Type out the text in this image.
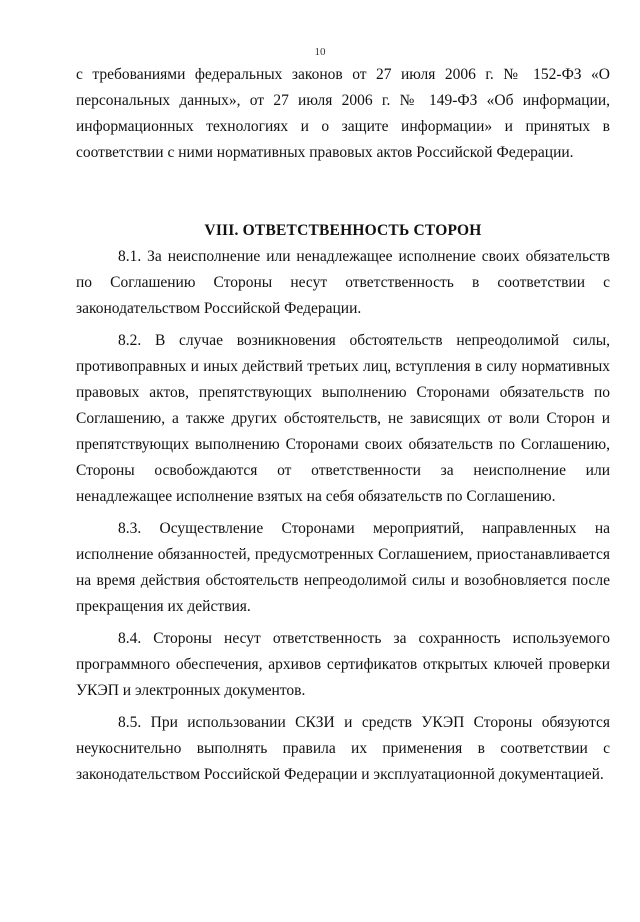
10

с требованиями федеральных законов от 27 июля 2006 г. № 152-ФЗ «О персональных данных», от 27 июля 2006 г. № 149-ФЗ «Об информации, информационных технологиях и о защите информации» и принятых в соответствии с ними нормативных правовых актов Российской Федерации.

VIII. ОТВЕТСТВЕННОСТЬ СТОРОН

8.1. За неисполнение или ненадлежащее исполнение своих обязательств по Соглашению Стороны несут ответственность в соответствии с законодательством Российской Федерации.

8.2. В случае возникновения обстоятельств непреодолимой силы, противоправных и иных действий третьих лиц, вступления в силу нормативных правовых актов, препятствующих выполнению Сторонами обязательств по Соглашению, а также других обстоятельств, не зависящих от воли Сторон и препятствующих выполнению Сторонами своих обязательств по Соглашению, Стороны освобождаются от ответственности за неисполнение или ненадлежащее исполнение взятых на себя обязательств по Соглашению.

8.3. Осуществление Сторонами мероприятий, направленных на исполнение обязанностей, предусмотренных Соглашением, приостанавливается на время действия обстоятельств непреодолимой силы и возобновляется после прекращения их действия.

8.4. Стороны несут ответственность за сохранность используемого программного обеспечения, архивов сертификатов открытых ключей проверки УКЭП и электронных документов.

8.5. При использовании СКЗИ и средств УКЭП Стороны обязуются неукоснительно выполнять правила их применения в соответствии с законодательством Российской Федерации и эксплуатационной документацией.
